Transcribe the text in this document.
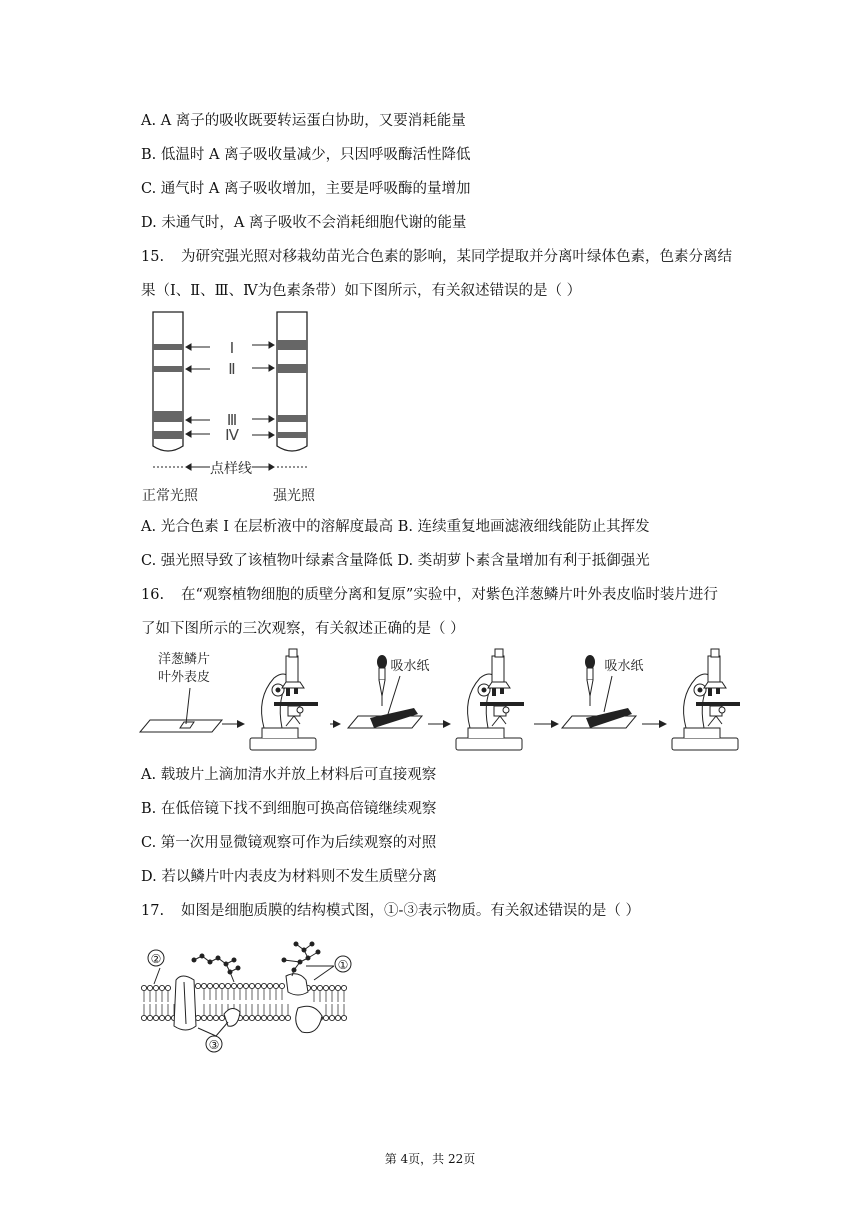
A. A 离子的吸收既要转运蛋白协助，又要消耗能量
B. 低温时 A 离子吸收量减少，只因呼吸酶活性降低
C. 通气时 A 离子吸收增加，主要是呼吸酶的量增加
D. 未通气时，A 离子吸收不会消耗细胞代谢的能量
15. 为研究强光照对移栽幼苗光合色素的影响，某同学提取并分离叶绿体色素，色素分离结
果（Ⅰ、Ⅱ、Ⅲ、Ⅳ为色素条带）如下图所示，有关叙述错误的是（ ）
Ⅰ
Ⅱ
Ⅲ
Ⅳ
点样线
正常光照	强光照
A. 光合色素 I 在层析液中的溶解度最高 B. 连续重复地画滤液细线能防止其挥发
C. 强光照导致了该植物叶绿素含量降低 D. 类胡萝卜素含量增加有利于抵御强光
16. 在“观察植物细胞的质壁分离和复原”实验中，对紫色洋葱鳞片叶外表皮临时装片进行
了如下图所示的三次观察，有关叙述正确的是（ ）
洋葱鳞片
叶外表皮
吸水纸	吸水纸
A. 载玻片上滴加清水并放上材料后可直接观察
B. 在低倍镜下找不到细胞可换高倍镜继续观察
C. 第一次用显微镜观察可作为后续观察的对照
D. 若以鳞片叶内表皮为材料则不发生质壁分离
17. 如图是细胞质膜的结构模式图，①-③表示物质。有关叙述错误的是（ ）
②	①
③
第 4页，共 22页
